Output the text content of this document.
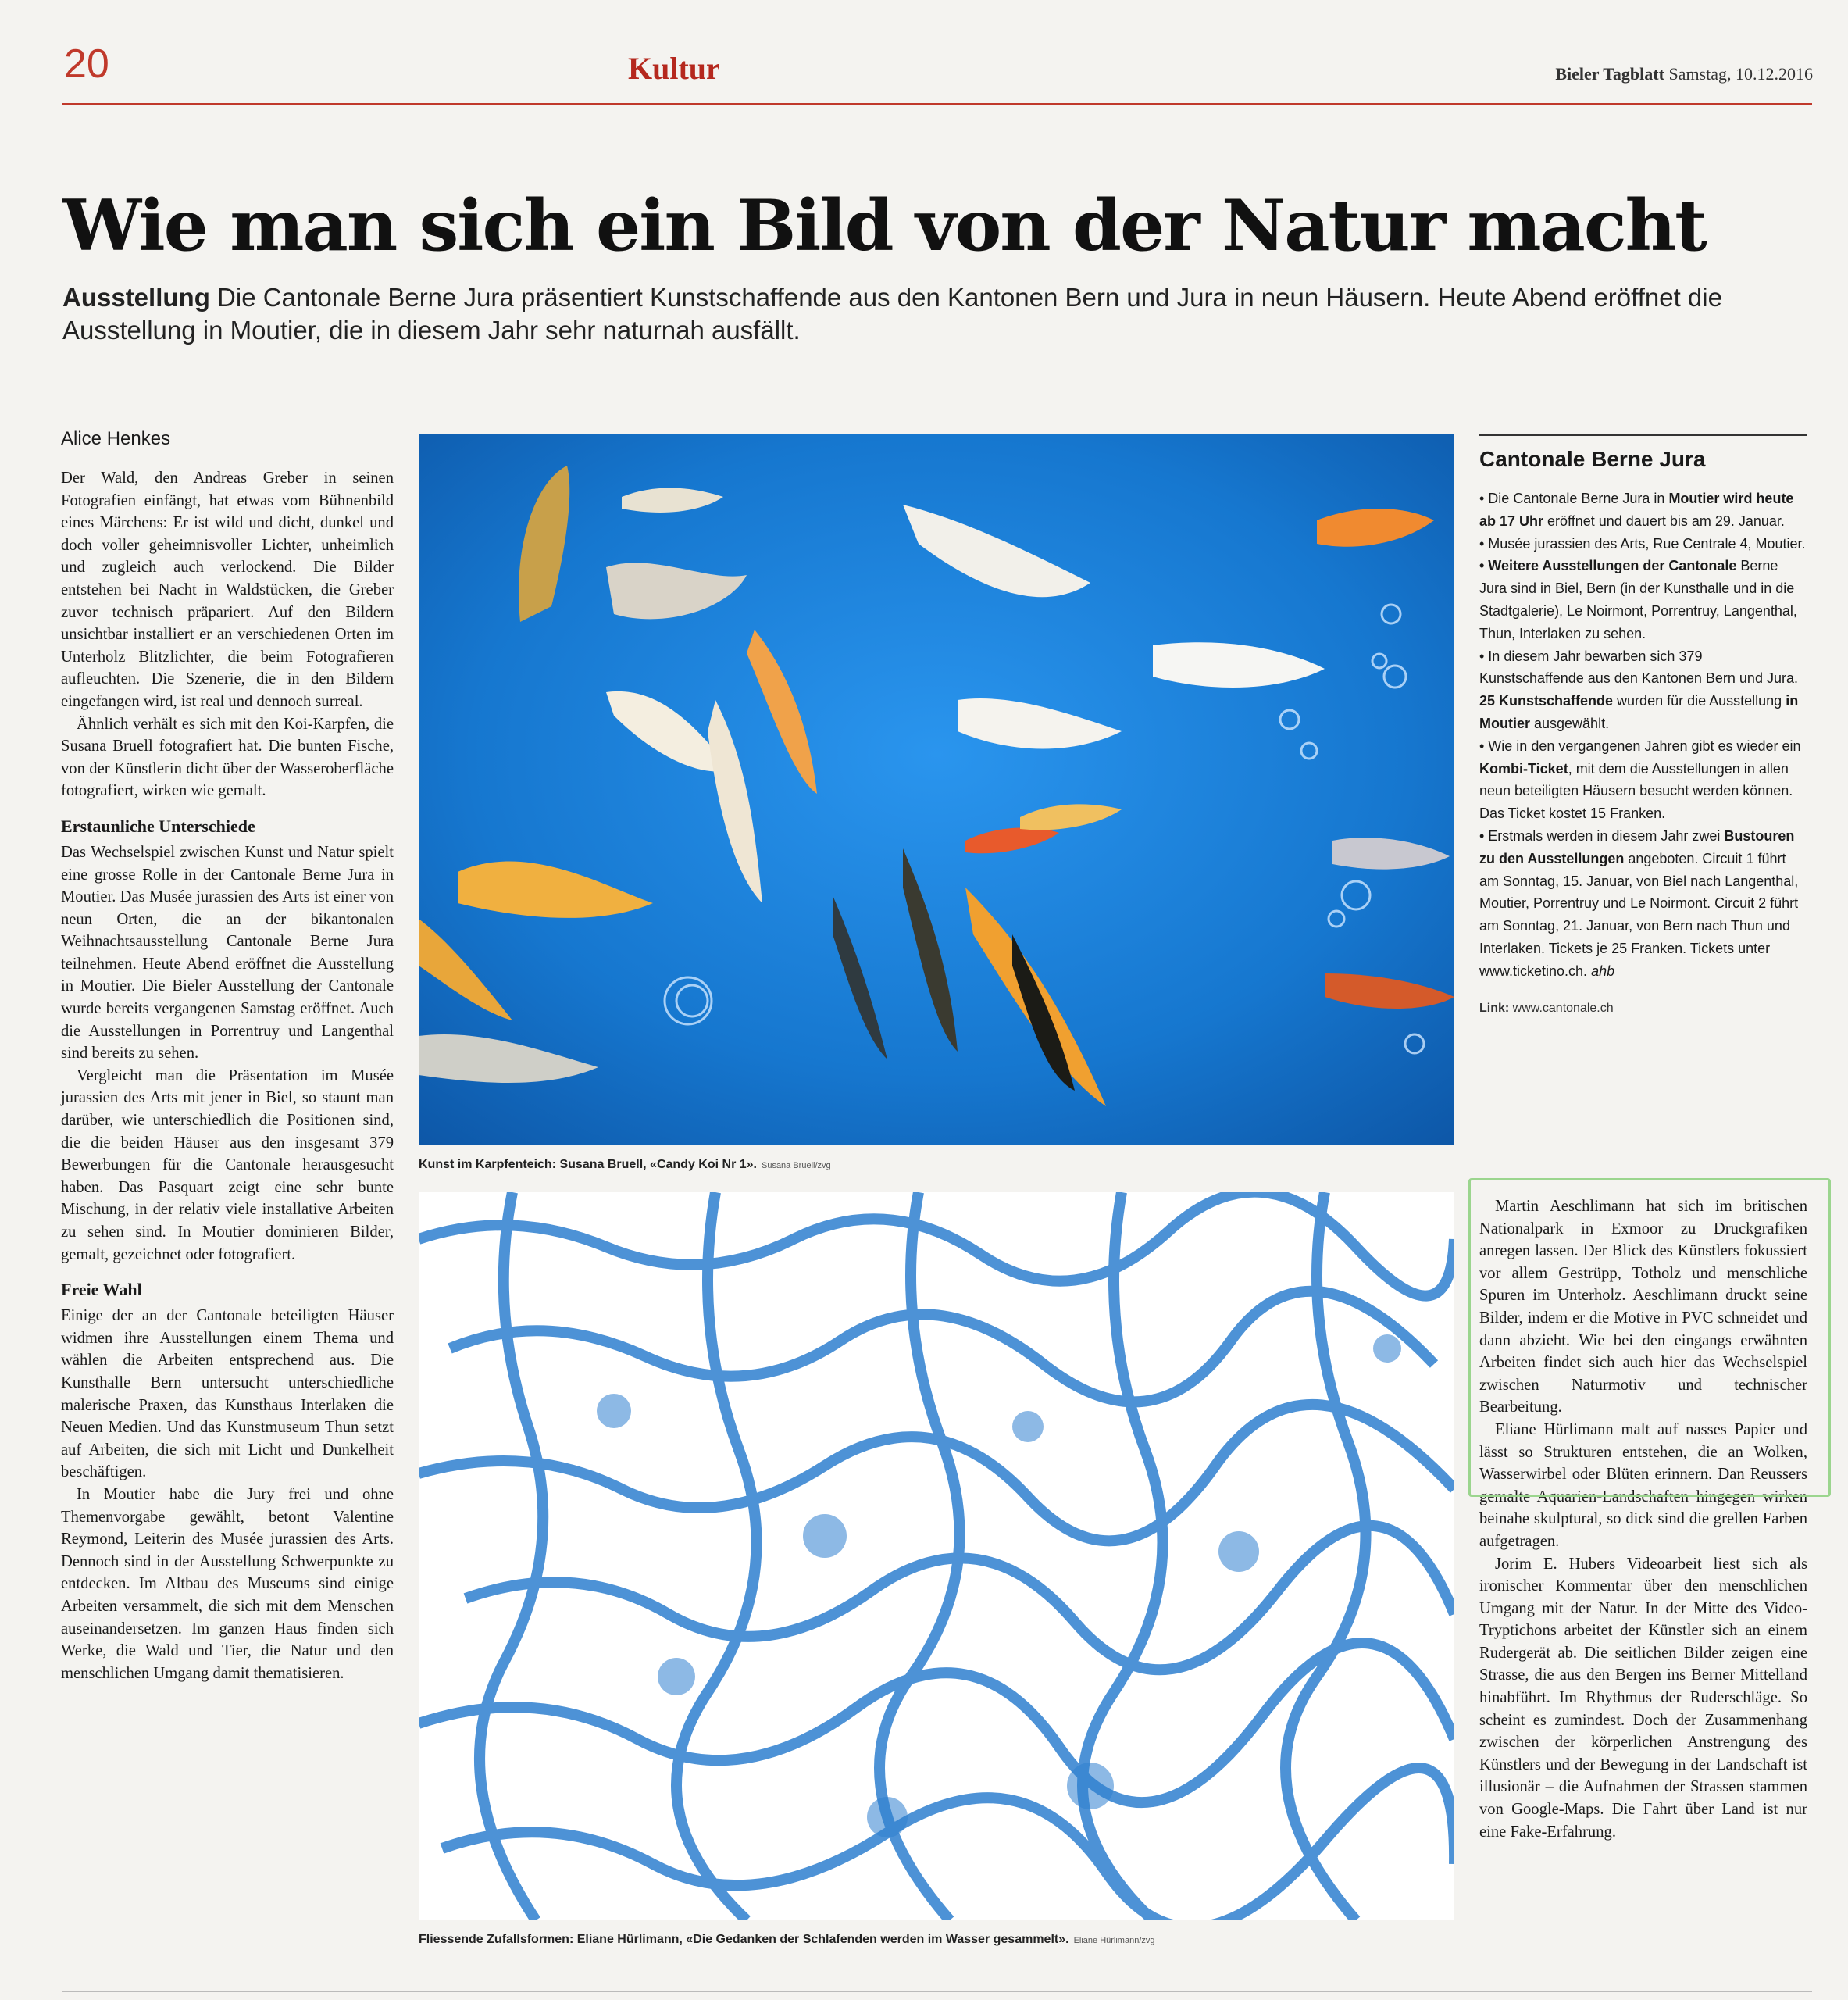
20	Kultur	Bieler Tagblatt Samstag, 10.12.2016
Wie man sich ein Bild von der Natur macht

Ausstellung Die Cantonale Berne Jura präsentiert Kunstschaffende aus den Kantonen Bern und Jura in neun Häusern. Heute Abend eröffnet die Ausstellung in Moutier, die in diesem Jahr sehr naturnah ausfällt.

Alice Henkes

Der Wald, den Andreas Greber in seinen Fotografien einfängt, hat etwas vom Bühnenbild eines Märchens: Er ist wild und dicht, dunkel und doch voller geheimnisvoller Lichter, unheimlich und zugleich auch verlockend. Die Bilder entstehen bei Nacht in Waldstücken, die Greber zuvor technisch präpariert. Auf den Bildern unsichtbar installiert er an verschiedenen Orten im Unterholz Blitzlichter, die beim Fotografieren aufleuchten. Die Szenerie, die in den Bildern eingefangen wird, ist real und dennoch surreal.

Ähnlich verhält es sich mit den Koi-Karpfen, die Susana Bruell fotografiert hat. Die bunten Fische, von der Künstlerin dicht über der Wasseroberfläche fotografiert, wirken wie gemalt.

Erstaunliche Unterschiede

Das Wechselspiel zwischen Kunst und Natur spielt eine grosse Rolle in der Cantonale Berne Jura in Moutier. Das Musée jurassien des Arts ist einer von neun Orten, die an der bikantonalen Weihnachtsausstellung Cantonale Berne Jura teilnehmen. Heute Abend eröffnet die Ausstellung in Moutier. Die Bieler Ausstellung der Cantonale wurde bereits vergangenen Samstag eröffnet. Auch die Ausstellungen in Porrentruy und Langenthal sind bereits zu sehen.

Vergleicht man die Präsentation im Musée jurassien des Arts mit jener in Biel, so staunt man darüber, wie unterschiedlich die Positionen sind, die die beiden Häuser aus den insgesamt 379 Bewerbungen für die Cantonale herausgesucht haben. Das Pasquart zeigt eine sehr bunte Mischung, in der relativ viele installative Arbeiten zu sehen sind. In Moutier dominieren Bilder, gemalt, gezeichnet oder fotografiert.

Freie Wahl

Einige der an der Cantonale beteiligten Häuser widmen ihre Ausstellungen einem Thema und wählen die Arbeiten entsprechend aus. Die Kunsthalle Bern untersucht unterschiedliche malerische Praxen, das Kunsthaus Interlaken die Neuen Medien. Und das Kunstmuseum Thun setzt auf Arbeiten, die sich mit Licht und Dunkelheit beschäftigen.

In Moutier habe die Jury frei und ohne Themenvorgabe gewählt, betont Valentine Reymond, Leiterin des Musée jurassien des Arts. Dennoch sind in der Ausstellung Schwerpunkte zu entdecken. Im Altbau des Museums sind einige Arbeiten versammelt, die sich mit dem Menschen auseinandersetzen. Im ganzen Haus finden sich Werke, die Wald und Tier, die Natur und den menschlichen Umgang damit thematisieren.

Kunst im Karpfenteich: Susana Bruell, «Candy Koi Nr 1». Susana Bruell/zvg
Fliessende Zufallsformen: Eliane Hürlimann, «Die Gedanken der Schlafenden werden im Wasser gesammelt». Eliane Hürlimann/zvg
Cantonale Berne Jura

• Die Cantonale Berne Jura in Moutier wird heute ab 17 Uhr eröffnet und dauert bis am 29. Januar.

• Musée jurassien des Arts, Rue Centrale 4, Moutier.

• Weitere Ausstellungen der Cantonale Berne Jura sind in Biel, Bern (in der Kunsthalle und in die Stadtgalerie), Le Noirmont, Porrentruy, Langenthal, Thun, Interlaken zu sehen.

• In diesem Jahr bewarben sich 379 Kunstschaffende aus den Kantonen Bern und Jura. 25 Kunstschaffende wurden für die Ausstellung in Moutier ausgewählt.

• Wie in den vergangenen Jahren gibt es wieder ein Kombi-Ticket, mit dem die Ausstellungen in allen neun beteiligten Häusern besucht werden können. Das Ticket kostet 15 Franken.

• Erstmals werden in diesem Jahr zwei Bustouren zu den Ausstellungen angeboten. Circuit 1 führt am Sonntag, 15. Januar, von Biel nach Langenthal, Moutier, Porrentruy und Le Noirmont. Circuit 2 führt am Sonntag, 21. Januar, von Bern nach Thun und Interlaken. Tickets je 25 Franken. Tickets unter www.ticketino.ch. ahb

Link: www.cantonale.ch

Martin Aeschlimann hat sich im britischen Nationalpark in Exmoor zu Druckgrafiken anregen lassen. Der Blick des Künstlers fokussiert vor allem Gestrüpp, Totholz und menschliche Spuren im Unterholz. Aeschlimann druckt seine Bilder, indem er die Motive in PVC schneidet und dann abzieht. Wie bei den eingangs erwähnten Arbeiten findet sich auch hier das Wechselspiel zwischen Naturmotiv und technischer Bearbeitung.

Eliane Hürlimann malt auf nasses Papier und lässt so Strukturen entstehen, die an Wolken, Wasserwirbel oder Blüten erinnern. Dan Reussers gemalte Aquarien-Landschaften hingegen wirken beinahe skulptural, so dick sind die grellen Farben aufgetragen.

Jorim E. Hubers Videoarbeit liest sich als ironischer Kommentar über den menschlichen Umgang mit der Natur. In der Mitte des Video-Tryptichons arbeitet der Künstler sich an einem Rudergerät ab. Die seitlichen Bilder zeigen eine Strasse, die aus den Bergen ins Berner Mittelland hinabführt. Im Rhythmus der Ruderschläge. So scheint es zumindest. Doch der Zusammenhang zwischen der körperlichen Anstrengung des Künstlers und der Bewegung in der Landschaft ist illusionär – die Aufnahmen der Strassen stammen von Google-Maps. Die Fahrt über Land ist nur eine Fake-Erfahrung.
